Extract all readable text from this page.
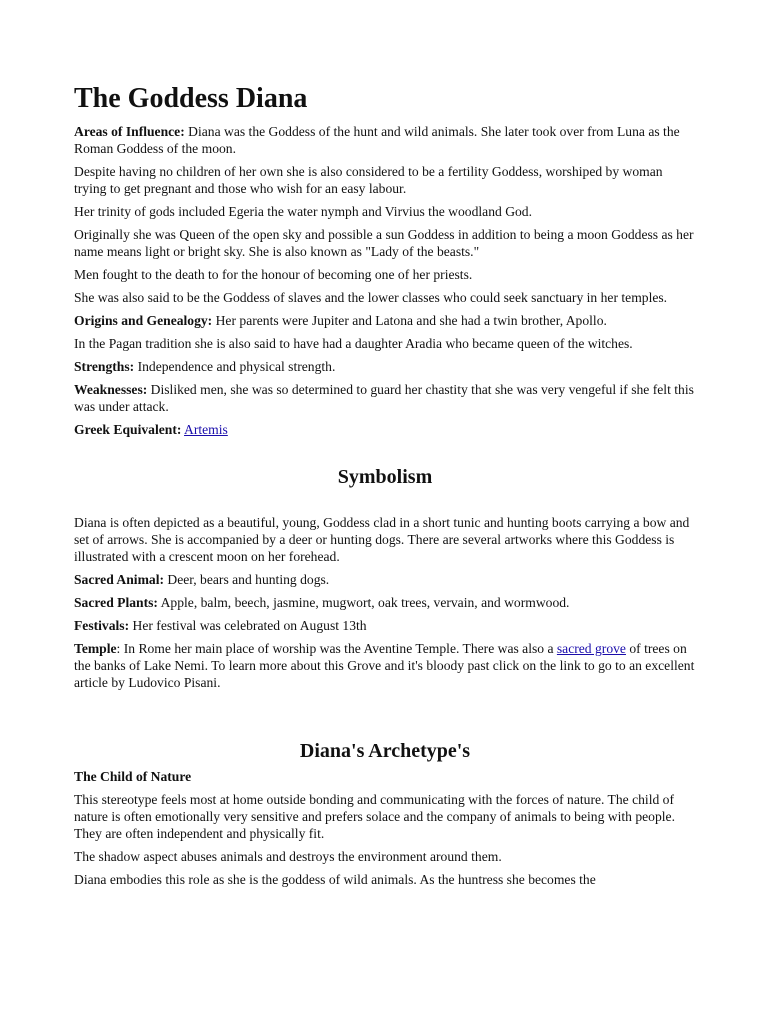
The Goddess Diana

Areas of Influence: Diana was the Goddess of the hunt and wild animals. She later took over from Luna as the Roman Goddess of the moon.

Despite having no children of her own she is also considered to be a fertility Goddess, worshiped by woman trying to get pregnant and those who wish for an easy labour.

Her trinity of gods included Egeria the water nymph and Virvius the woodland God.

Originally she was Queen of the open sky and possible a sun Goddess in addition to being a moon Goddess as her name means light or bright sky. She is also known as "Lady of the beasts."

Men fought to the death to for the honour of becoming one of her priests.

She was also said to be the Goddess of slaves and the lower classes who could seek sanctuary in her temples.

Origins and Genealogy: Her parents were Jupiter and Latona and she had a twin brother, Apollo.

In the Pagan tradition she is also said to have had a daughter Aradia who became queen of the witches.

Strengths: Independence and physical strength.

Weaknesses: Disliked men, she was so determined to guard her chastity that she was very vengeful if she felt this was under attack.

Greek Equivalent: Artemis

Symbolism

Diana is often depicted as a beautiful, young, Goddess clad in a short tunic and hunting boots carrying a bow and set of arrows. She is accompanied by a deer or hunting dogs. There are several artworks where this Goddess is illustrated with a crescent moon on her forehead.

Sacred Animal: Deer, bears and hunting dogs.

Sacred Plants: Apple, balm, beech, jasmine, mugwort, oak trees, vervain, and wormwood.

Festivals: Her festival was celebrated on August 13th

Temple: In Rome her main place of worship was the Aventine Temple. There was also a sacred grove of trees on the banks of Lake Nemi. To learn more about this Grove and it's bloody past click on the link to go to an excellent article by Ludovico Pisani.

Diana's Archetype's

The Child of Nature

This stereotype feels most at home outside bonding and communicating with the forces of nature. The child of nature is often emotionally very sensitive and prefers solace and the company of animals to being with people. They are often independent and physically fit.

The shadow aspect abuses animals and destroys the environment around them.

Diana embodies this role as she is the goddess of wild animals. As the huntress she becomes the
